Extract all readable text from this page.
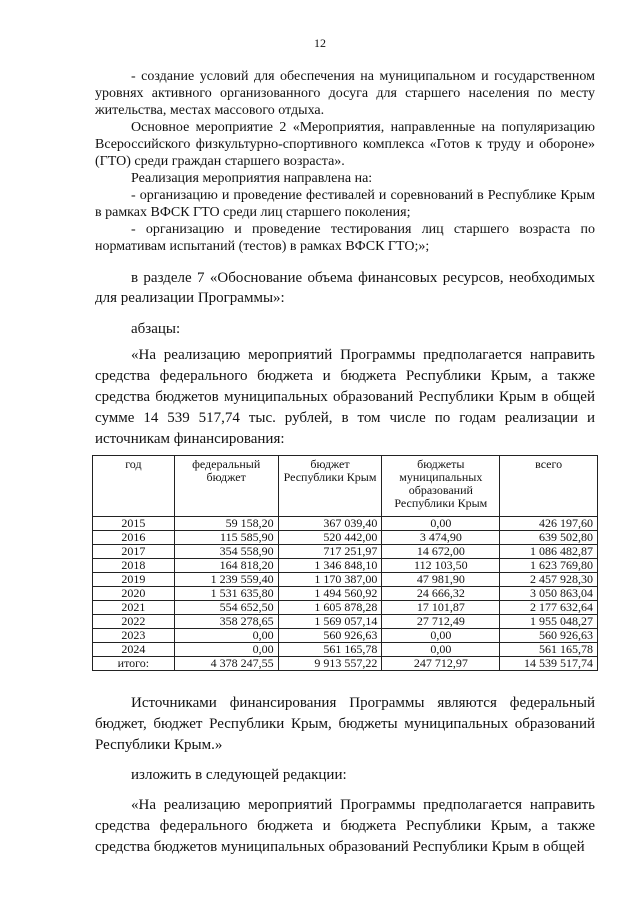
12

- создание условий для обеспечения на муниципальном и государственном уровнях активного организованного досуга для старшего населения по месту жительства, местах массового отдыха.

Основное мероприятие 2 «Мероприятия, направленные на популяризацию Всероссийского физкультурно-спортивного комплекса «Готов к труду и обороне» (ГТО) среди граждан старшего возраста».

Реализация мероприятия направлена на:

- организацию и проведение фестивалей и соревнований в Республике Крым в рамках ВФСК ГТО среди лиц старшего поколения;

- организацию и проведение тестирования лиц старшего возраста по нормативам испытаний (тестов) в рамках ВФСК ГТО;»;

в разделе 7 «Обоснование объема финансовых ресурсов, необходимых для реализации Программы»:

абзацы:

«На реализацию мероприятий Программы предполагается направить средства федерального бюджета и бюджета Республики Крым, а также средства бюджетов муниципальных образований Республики Крым в общей сумме 14 539 517,74 тыс. рублей, в том числе по годам реализации и источникам финансирования:

год	федеральный бюджет	бюджет Республики Крым	бюджеты муниципальных образований Республики Крым	всего
2015	59 158,20	367 039,40	0,00	426 197,60
2016	115 585,90	520 442,00	3 474,90	639 502,80
2017	354 558,90	717 251,97	14 672,00	1 086 482,87
2018	164 818,20	1 346 848,10	112 103,50	1 623 769,80
2019	1 239 559,40	1 170 387,00	47 981,90	2 457 928,30
2020	1 531 635,80	1 494 560,92	24 666,32	3 050 863,04
2021	554 652,50	1 605 878,28	17 101,87	2 177 632,64
2022	358 278,65	1 569 057,14	27 712,49	1 955 048,27
2023	0,00	560 926,63	0,00	560 926,63
2024	0,00	561 165,78	0,00	561 165,78
итого:	4 378 247,55	9 913 557,22	247 712,97	14 539 517,74

Источниками финансирования Программы являются федеральный бюджет, бюджет Республики Крым, бюджеты муниципальных образований Республики Крым.»

изложить в следующей редакции:

«На реализацию мероприятий Программы предполагается направить средства федерального бюджета и бюджета Республики Крым, а также средства бюджетов муниципальных образований Республики Крым в общей
